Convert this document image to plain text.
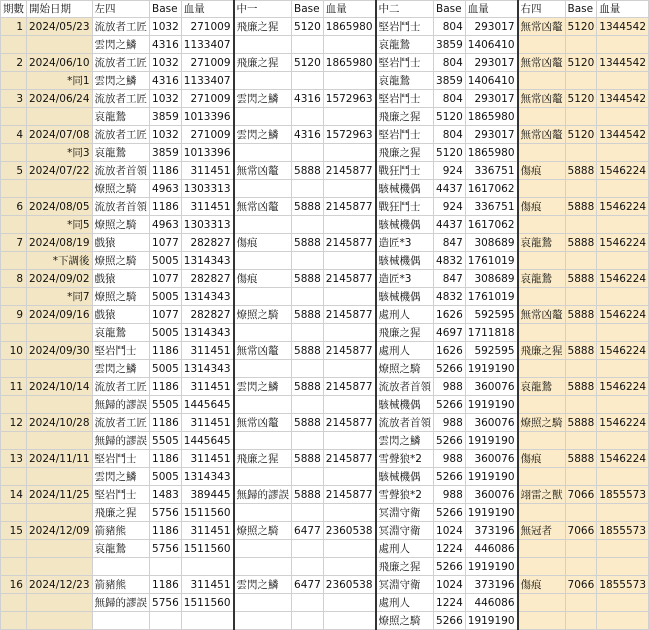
期數	開始日期	左四	Base	血量	中一	Base	血量	中二	Base	血量	右四	Base	血量
1	2024/05/23	流放者工匠	1032	271009	飛廉之猩	5120	1865980	堅岩鬥士	804	293017	無常凶鼇	5120	1344542
		雲閃之鱗	4316	1133407				哀龍鷙	3859	1406410			
2	2024/06/10	流放者工匠	1032	271009	飛廉之猩	5120	1865980	堅岩鬥士	804	293017	無常凶鼇	5120	1344542
	*同1	雲閃之鱗	4316	1133407				哀龍鷙	3859	1406410			
3	2024/06/24	流放者工匠	1032	271009	雲閃之鱗	4316	1572963	堅岩鬥士	804	293017	無常凶鼇	5120	1344542
		哀龍鷙	3859	1013396				飛廉之猩	5120	1865980			
4	2024/07/08	流放者工匠	1032	271009	雲閃之鱗	4316	1572963	堅岩鬥士	804	293017	無常凶鼇	5120	1344542
	*同3	哀龍鷙	3859	1013396				飛廉之猩	5120	1865980			
5	2024/07/22	流放者首領	1186	311451	無常凶鼇	5888	2145877	戰狂鬥士	924	336751	傷痕	5888	1546224
		燎照之騎	4963	1303313				駭械機偶	4437	1617062			
6	2024/08/05	流放者首領	1186	311451	無常凶鼇	5888	2145877	戰狂鬥士	924	336751	傷痕	5888	1546224
	*同5	燎照之騎	4963	1303313				駭械機偶	4437	1617062			
7	2024/08/19	戲猿	1077	282827	傷痕	5888	2145877	造匠*3	847	308689	哀龍鷙	5888	1546224
	*下調後	燎照之騎	5005	1314343				駭械機偶	4832	1761019			
8	2024/09/02	戲猿	1077	282827	傷痕	5888	2145877	造匠*3	847	308689	哀龍鷙	5888	1546224
	*同7	燎照之騎	5005	1314343				駭械機偶	4832	1761019			
9	2024/09/16	戲猿	1077	282827	燎照之騎	5888	2145877	處刑人	1626	592595	無常凶鼇	5888	1546224
		哀龍鷙	5005	1314343				飛廉之猩	4697	1711818			
10	2024/09/30	堅岩鬥士	1186	311451	無常凶鼇	5888	2145877	處刑人	1626	592595	飛廉之猩	5888	1546224
		雲閃之鱗	5005	1314343				燎照之騎	5266	1919190			
11	2024/10/14	流放者工匠	1186	311451	雲閃之鱗	5888	2145877	流放者首領	988	360076	哀龍鷙	5888	1546224
		無歸的謬誤	5505	1445645				駭械機偶	5266	1919190			
12	2024/10/28	流放者工匠	1186	311451	無常凶鼇	5888	2145877	流放者首領	988	360076	燎照之騎	5888	1546224
		無歸的謬誤	5505	1445645				雲閃之鱗	5266	1919190			
13	2024/11/11	堅岩鬥士	1186	311451	飛廉之猩	5888	2145877	雪聲狼*2	988	360076	傷痕	5888	1546224
		雲閃之鱗	5005	1314343				駭械機偶	5266	1919190			
14	2024/11/25	堅岩鬥士	1483	389445	無歸的謬誤	5888	2145877	雪聲狼*2	988	360076	翊雷之獸	7066	1855573
		飛廉之猩	5756	1511560				冥淵守衛	5266	1919190			
15	2024/12/09	箭豬熊	1186	311451	燎照之騎	6477	2360538	冥淵守衛	1024	373196	無冠者	7066	1855573
		哀龍鷙	5756	1511560				處刑人	1224	446086			
								飛廉之猩	5266	1919190			
16	2024/12/23	箭豬熊	1186	311451	雲閃之鱗	6477	2360538	冥淵守衛	1024	373196	傷痕	7066	1855573
		無歸的謬誤	5756	1511560				處刑人	1224	446086			
								燎照之騎	5266	1919190			
